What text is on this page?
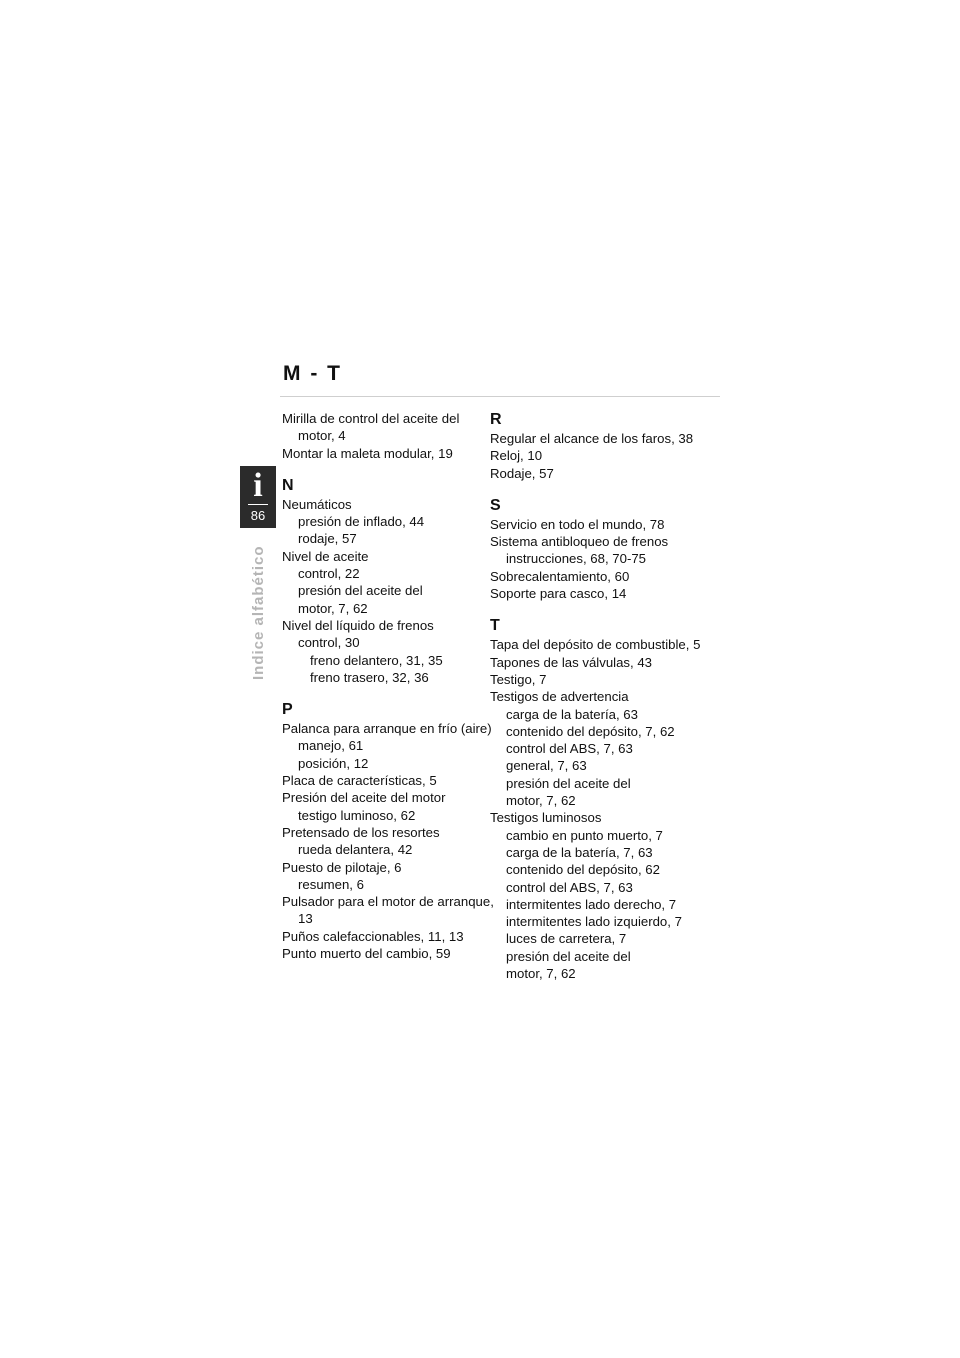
i
86
Indice alfabético
M - T
Mirilla de control del aceite del motor, 4
Montar la maleta modular, 19
N
Neumáticos
presión de inflado, 44
rodaje, 57
Nivel de aceite
control, 22
presión del aceite del
motor, 7, 62
Nivel del líquido de frenos
control, 30
freno delantero, 31, 35
freno trasero, 32, 36
P
Palanca para arranque en frío (aire)
manejo, 61
posición, 12
Placa de características, 5
Presión del aceite del motor
testigo luminoso, 62
Pretensado de los resortes
rueda delantera, 42
Puesto de pilotaje, 6
resumen, 6
Pulsador para el motor de arranque, 13
Puños calefaccionables, 11, 13
Punto muerto del cambio, 59
R
Regular el alcance de los faros, 38
Reloj, 10
Rodaje, 57
S
Servicio en todo el mundo, 78
Sistema antibloqueo de frenos
instrucciones, 68, 70-75
Sobrecalentamiento, 60
Soporte para casco, 14
T
Tapa del depósito de combustible, 5
Tapones de las válvulas, 43
Testigo, 7
Testigos de advertencia
carga de la batería, 63
contenido del depósito, 7, 62
control del ABS, 7, 63
general, 7, 63
presión del aceite del
motor, 7, 62
Testigos luminosos
cambio en punto muerto, 7
carga de la batería, 7, 63
contenido del depósito, 62
control del ABS, 7, 63
intermitentes lado derecho, 7
intermitentes lado izquierdo, 7
luces de carretera, 7
presión del aceite del
motor, 7, 62
